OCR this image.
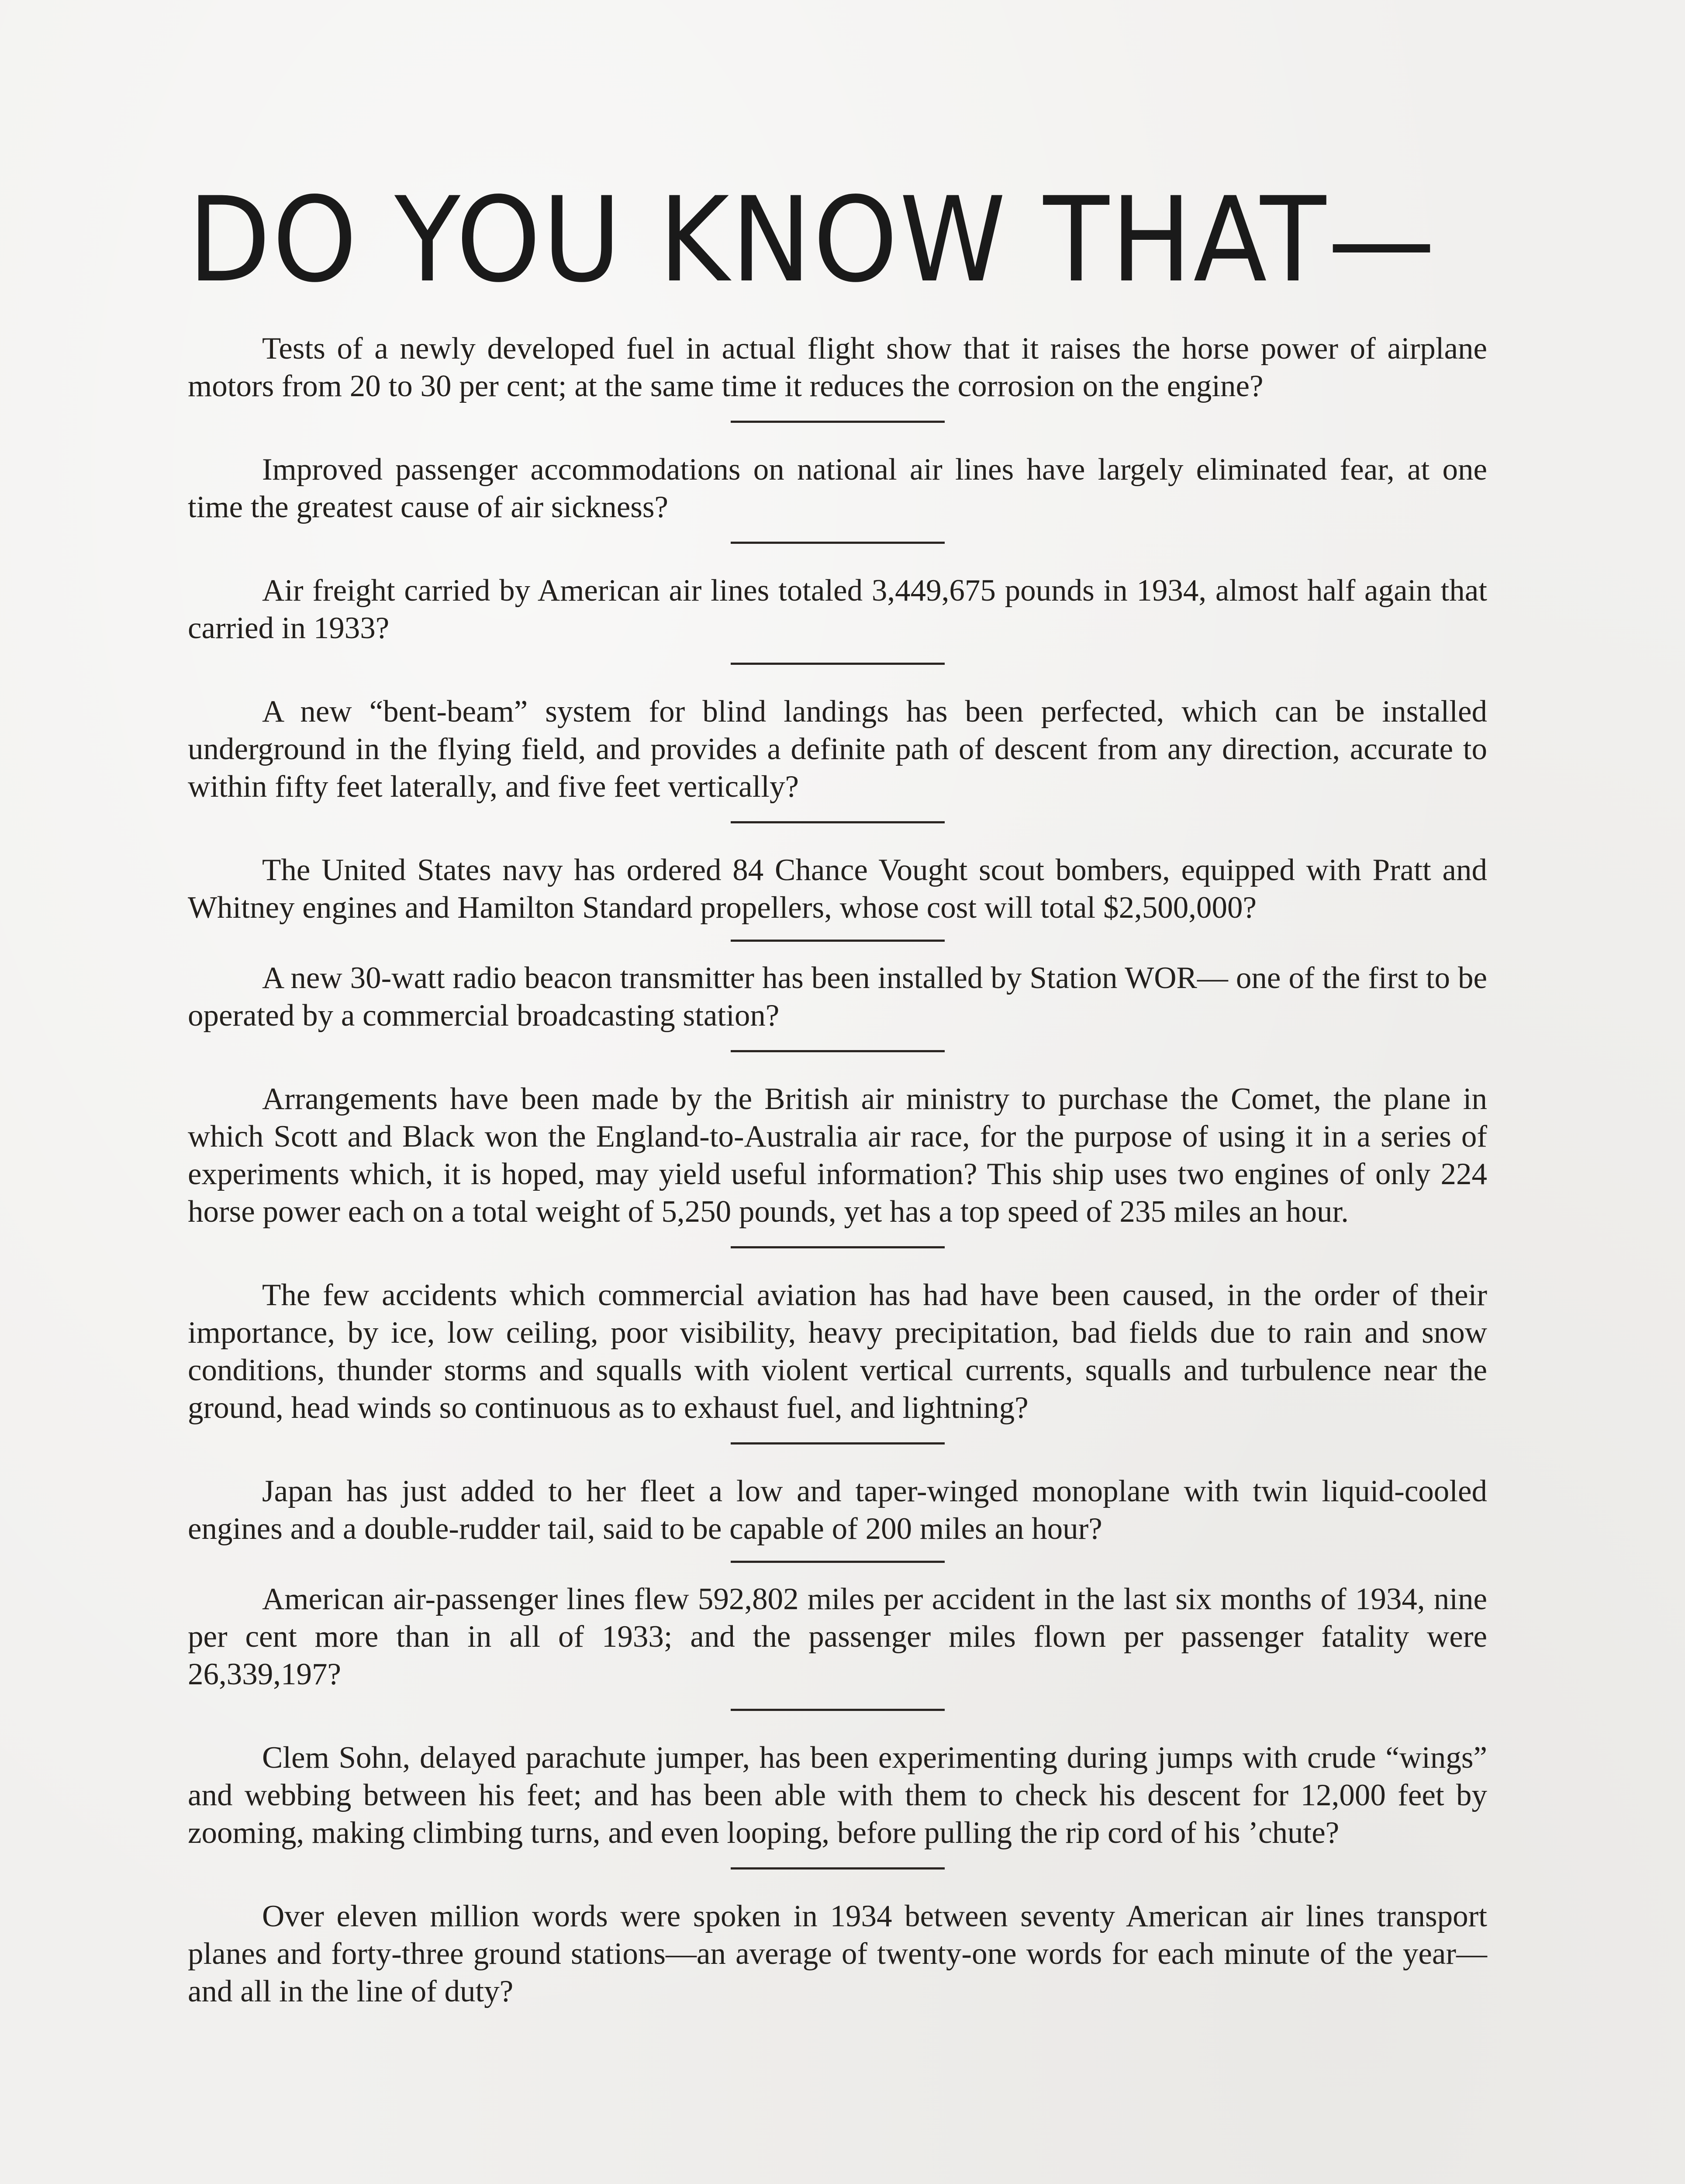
DO YOU KNOW THAT—

Tests of a newly developed fuel in actual flight show that it raises the horse power of airplane motors from 20 to 30 per cent; at the same time it reduces the corrosion on the engine?

Improved passenger accommodations on national air lines have largely eliminated fear, at one time the greatest cause of air sickness?

Air freight carried by American air lines totaled 3,449,675 pounds in 1934, almost half again that carried in 1933?

A new “bent-beam” system for blind landings has been perfected, which can be installed underground in the flying field, and provides a definite path of descent from any direction, accurate to within fifty feet laterally, and five feet vertically?

The United States navy has ordered 84 Chance Vought scout bombers, equipped with Pratt and Whitney engines and Hamilton Standard propellers, whose cost will total $2,500,000?

A new 30-watt radio beacon transmitter has been installed by Station WOR— one of the first to be operated by a commercial broadcasting station?

Arrangements have been made by the British air ministry to purchase the Comet, the plane in which Scott and Black won the England-to-Australia air race, for the purpose of using it in a series of experiments which, it is hoped, may yield useful information? This ship uses two engines of only 224 horse power each on a total weight of 5,250 pounds, yet has a top speed of 235 miles an hour.

The few accidents which commercial aviation has had have been caused, in the order of their importance, by ice, low ceiling, poor visibility, heavy precipitation, bad fields due to rain and snow conditions, thunder storms and squalls with violent vertical currents, squalls and turbulence near the ground, head winds so continuous as to exhaust fuel, and lightning?

Japan has just added to her fleet a low and taper-winged monoplane with twin liquid-cooled engines and a double-rudder tail, said to be capable of 200 miles an hour?

American air-passenger lines flew 592,802 miles per accident in the last six months of 1934, nine per cent more than in all of 1933; and the passenger miles flown per passenger fatality were 26,339,197?

Clem Sohn, delayed parachute jumper, has been experimenting during jumps with crude “wings” and webbing between his feet; and has been able with them to check his descent for 12,000 feet by zooming, making climbing turns, and even looping, before pulling the rip cord of his ’chute?

Over eleven million words were spoken in 1934 between seventy American air lines transport planes and forty-three ground stations—an average of twenty-one words for each minute of the year—and all in the line of duty?
